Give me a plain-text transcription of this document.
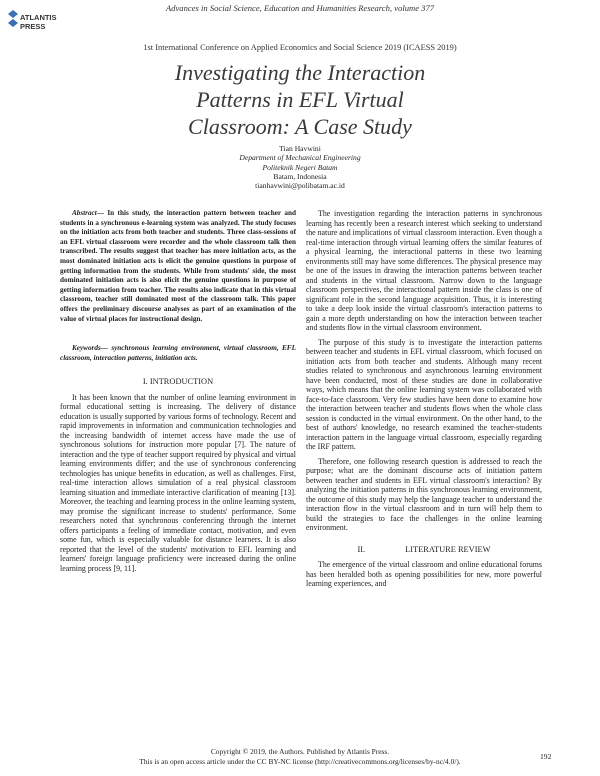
ATLANTIS
PRESS
Advances in Social Science, Education and Humanities Research, volume 377
1st International Conference on Applied Economics and Social Science 2019 (ICAESS 2019)
Investigating the Interaction
Patterns in EFL Virtual
Classroom: A Case Study
Tian Havwini
Department of Mechanical Engineering
Politeknik Negeri Batam
Batam, Indonesia
tianhavwini@polibatam.ac.id

Abstract— In this study, the interaction pattern between teacher and students in a synchronous e-learning system was analyzed. The study focuses on the initiation acts from both teacher and students. Three class-sessions of an EFL virtual classroom were recorder and the whole classroom talk then transcribed. The results suggest that teacher has more initiation acts, as the most dominated initiation acts is elicit the genuine questions in purpose of getting information from the students. While from students' side, the most dominated initiation acts is also elicit the genuine questions in purpose of getting information from teacher. The results also indicate that in this virtual classroom, teacher still dominated most of the classroom talk. This paper offers the preliminary discourse analyses as part of an examination of the value of virtual places for instructional design.

Keywords— synchronous learning environment, virtual classroom, EFL classroom, interaction patterns, initiation acts.

I. INTRODUCTION

It has been known that the number of online learning environment in formal educational setting is increasing. The delivery of distance education is usually supported by various forms of technology. Recent and rapid improvements in information and communication technologies and the increasing bandwidth of internet access have made the use of synchronous solutions for instruction more popular [7]. The nature of interaction and the type of teacher support required by physical and virtual learning environments differ; and the use of synchronous conferencing technologies has unique benefits in education, as well as challenges. First, real-time interaction allows simulation of a real physical classroom learning situation and immediate interactive clarification of meaning [13]. Moreover, the teaching and learning process in the online learning system, may promise the significant increase to students' performance. Some researchers noted that synchronous conferencing through the internet offers participants a feeling of immediate contact, motivation, and even some fun, which is especially valuable for distance learners. It is also reported that the level of the students' motivation to EFL learning and learners' foreign language proficiency were increased during the online learning process [9, 11].

The investigation regarding the interaction patterns in synchronous learning has recently been a research interest which seeking to understand the nature and implications of virtual classroom interaction. Even though a real-time interaction through virtual learning offers the similar features of a physical learning, the interactional patterns in these two learning environments still may have some differences. The physical presence may be one of the issues in drawing the interaction patterns between teacher and students in the virtual classroom. Narrow down to the language classroom perspectives, the interactional pattern inside the class is one of significant role in the second language acquisition. Thus, it is interesting to take a deep look inside the virtual classroom's interaction patterns to gain a more depth understanding on how the interaction between teacher and students flow in the virtual classroom environment.

The purpose of this study is to investigate the interaction patterns between teacher and students in EFL virtual classroom, which focused on initiation acts from both teacher and students. Although many recent studies related to synchronous and asynchronous learning environment have been conducted, most of these studies are done in collaborative ways, which means that the online learning system was collaborated with face-to-face classroom. Very few studies have been done to examine how the interaction between teacher and students flows when the whole class session is conducted in the virtual environment. On the other hand, to the best of authors' knowledge, no research examined the teacher-students interaction pattern in the language virtual classroom, especially regarding the IRF pattern.

Therefore, one following research question is addressed to reach the purpose; what are the dominant discourse acts of initiation pattern between teacher and students in EFL virtual classroom's interaction? By analyzing the initiation patterns in this synchronous learning environment, the outcome of this study may help the language teacher to understand the interaction flow in the virtual classroom and in turn will help them to build the strategies to face the challenges in the online learning environment.

II.	LITERATURE REVIEW

The emergence of the virtual classroom and online educational forums has been heralded both as opening possibilities for new, more powerful learning experiences, and

Copyright © 2019, the Authors. Published by Atlantis Press.
This is an open access article under the CC BY-NC license (http://creativecommons.org/licenses/by-nc/4.0/).	192
